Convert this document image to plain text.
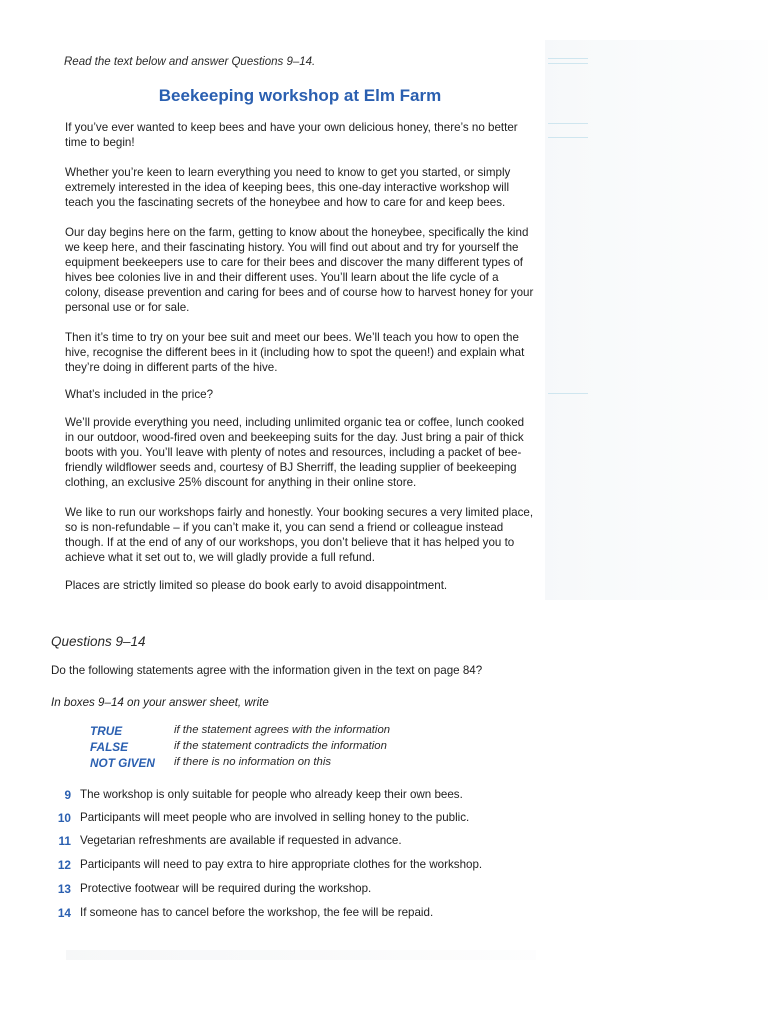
Read the text below and answer Questions 9–14.
Beekeeping workshop at Elm Farm

If you’ve ever wanted to keep bees and have your own delicious honey, there’s no better time to begin!

Whether you’re keen to learn everything you need to know to get you started, or simply extremely interested in the idea of keeping bees, this one-day interactive workshop will teach you the fascinating secrets of the honeybee and how to care for and keep bees.

Our day begins here on the farm, getting to know about the honeybee, specifically the kind we keep here, and their fascinating history. You will find out about and try for yourself the equipment beekeepers use to care for their bees and discover the many different types of hives bee colonies live in and their different uses. You’ll learn about the life cycle of a colony, disease prevention and caring for bees and of course how to harvest honey for your personal use or for sale.

Then it’s time to try on your bee suit and meet our bees. We’ll teach you how to open the hive, recognise the different bees in it (including how to spot the queen!) and explain what they’re doing in different parts of the hive.

What’s included in the price?

We’ll provide everything you need, including unlimited organic tea or coffee, lunch cooked in our outdoor, wood-fired oven and beekeeping suits for the day. Just bring a pair of thick boots with you. You’ll leave with plenty of notes and resources, including a packet of bee-friendly wildflower seeds and, courtesy of BJ Sherriff, the leading supplier of beekeeping clothing, an exclusive 25% discount for anything in their online store.

We like to run our workshops fairly and honestly. Your booking secures a very limited place, so is non-refundable – if you can’t make it, you can send a friend or colleague instead though. If at the end of any of our workshops, you don’t believe that it has helped you to achieve what it set out to, we will gladly provide a full refund.

Places are strictly limited so please do book early to avoid disappointment.

Questions 9–14
Do the following statements agree with the information given in the text on page 84?
In boxes 9–14 on your answer sheet, write
TRUE	if the statement agrees with the information
FALSE	if the statement contradicts the information
NOT GIVEN if there is no information on this
9 The workshop is only suitable for people who already keep their own bees.
10 Participants will meet people who are involved in selling honey to the public.
11 Vegetarian refreshments are available if requested in advance.
12 Participants will need to pay extra to hire appropriate clothes for the workshop.
13 Protective footwear will be required during the workshop.
14 If someone has to cancel before the workshop, the fee will be repaid.
